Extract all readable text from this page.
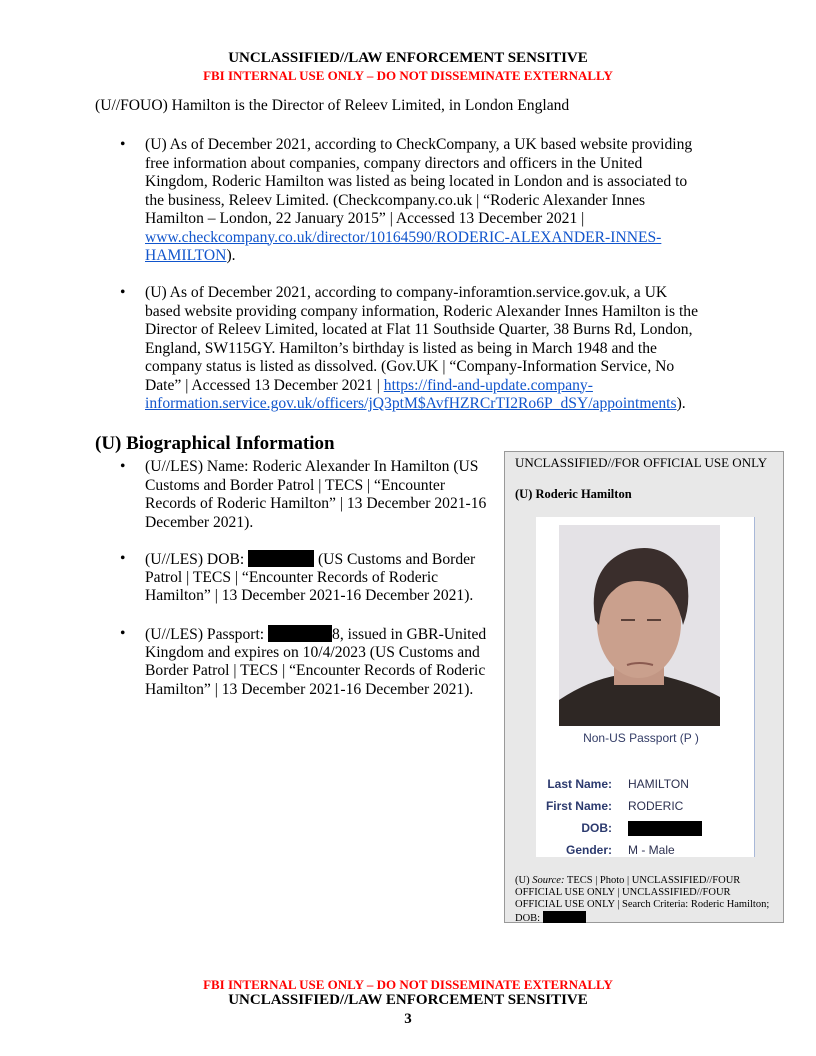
UNCLASSIFIED//LAW ENFORCEMENT SENSITIVE
FBI INTERNAL USE ONLY – DO NOT DISSEMINATE EXTERNALLY
(U//FOUO) Hamilton is the Director of Releev Limited, in London England
• (U) As of December 2021, according to CheckCompany, a UK based website providing
free information about companies, company directors and officers in the United
Kingdom, Roderic Hamilton was listed as being located in London and is associated to
the business, Releev Limited. (Checkcompany.co.uk | “Roderic Alexander Innes
Hamilton – London, 22 January 2015” | Accessed 13 December 2021 |
www.checkcompany.co.uk/director/10164590/RODERIC-ALEXANDER-INNES-
HAMILTON).
• (U) As of December 2021, according to company-inforamtion.service.gov.uk, a UK
based website providing company information, Roderic Alexander Innes Hamilton is the
Director of Releev Limited, located at Flat 11 Southside Quarter, 38 Burns Rd, London,
England, SW115GY. Hamilton’s birthday is listed as being in March 1948 and the
company status is listed as dissolved. (Gov.UK | “Company-Information Service, No
Date” | Accessed 13 December 2021 | https://find-and-update.company-
information.service.gov.uk/officers/jQ3ptM$AvfHZRCrTI2Ro6P_dSY/appointments).
(U) Biographical Information
• (U//LES) Name: Roderic Alexander In Hamilton (US
Customs and Border Patrol | TECS | “Encounter
Records of Roderic Hamilton” | 13 December 2021-16
December 2021).
• (U//LES) DOB:	(US Customs and Border
Patrol | TECS | “Encounter Records of Roderic
Hamilton” | 13 December 2021-16 December 2021).
• (U//LES) Passport:	8, issued in GBR-United
Kingdom and expires on 10/4/2023 (US Customs and
Border Patrol | TECS | “Encounter Records of Roderic
Hamilton” | 13 December 2021-16 December 2021).
UNCLASSIFIED//FOR OFFICIAL USE ONLY
(U) Roderic Hamilton
Non-US Passport (P )
Last Name: HAMILTON
First Name: RODERIC
DOB:
Gender: M - Male
(U) Source: TECS | Photo | UNCLASSIFIED//FOUR OFFICIAL USE ONLY | UNCLASSIFIED//FOUR OFFICIAL USE ONLY | Search Criteria: Roderic Hamilton; DOB:
FBI INTERNAL USE ONLY – DO NOT DISSEMINATE EXTERNALLY
UNCLASSIFIED//LAW ENFORCEMENT SENSITIVE
3
